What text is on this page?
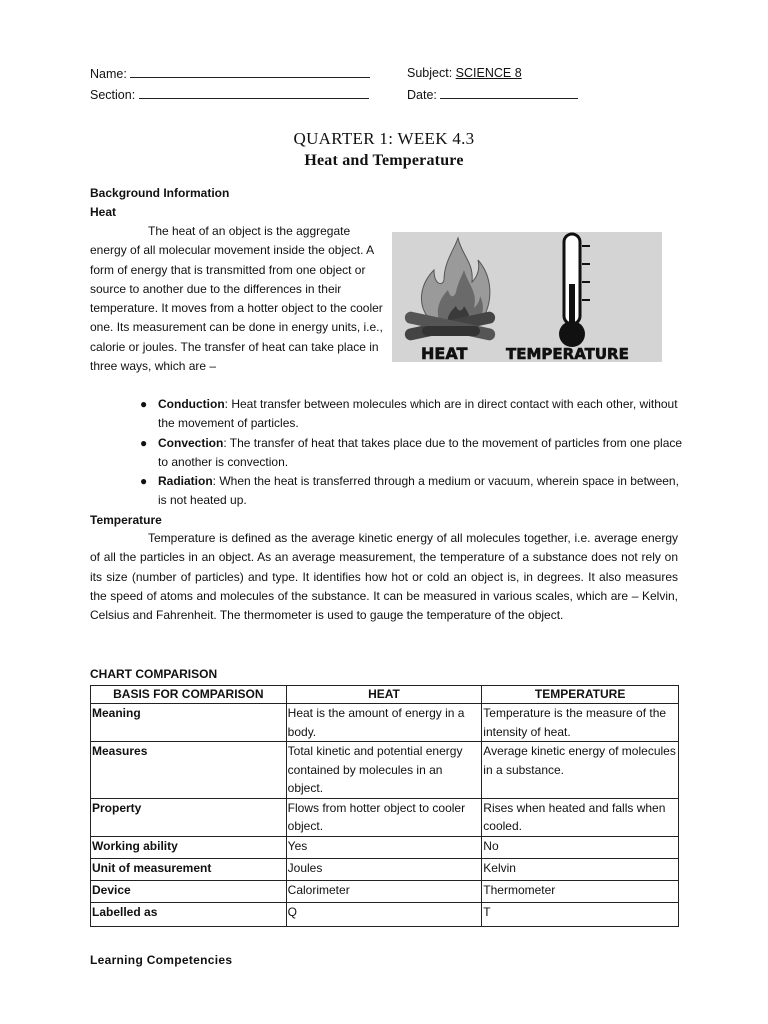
Name:
Section:
Subject: SCIENCE 8
Date:
QUARTER 1: WEEK 4.3
Heat and Temperature
Background Information
Heat

The heat of an object is the aggregate energy of all molecular movement inside the object. A form of energy that is transmitted from one object or source to another due to the differences in their temperature. It moves from a hotter object to the cooler one. Its measurement can be done in energy units, i.e., calorie or joules. The transfer of heat can take place in three ways, which are –

HEAT	TEMPERATURE
● Conduction: Heat transfer between molecules which are in direct contact with each other, without the movement of particles.
● Convection: The transfer of heat that takes place due to the movement of particles from one place to another is convection.
● Radiation: When the heat is transferred through a medium or vacuum, wherein space in between, is not heated up.
Temperature

Temperature is defined as the average kinetic energy of all molecules together, i.e. average energy of all the particles in an object. As an average measurement, the temperature of a substance does not rely on its size (number of particles) and type. It identifies how hot or cold an object is, in degrees. It also measures the speed of atoms and molecules of the substance. It can be measured in various scales, which are – Kelvin, Celsius and Fahrenheit. The thermometer is used to gauge the temperature of the object.

CHART COMPARISON
BASIS FOR COMPARISON	HEAT	TEMPERATURE
Meaning	Heat is the amount of energy in a body.	Temperature is the measure of the intensity of heat.
Measures	Total kinetic and potential energy contained by molecules in an object.	Average kinetic energy of molecules in a substance.
Property	Flows from hotter object to cooler object.	Rises when heated and falls when cooled.
Working ability	Yes	No
Unit of measurement	Joules	Kelvin
Device	Calorimeter	Thermometer
Labelled as	Q	T
Learning Competencies
